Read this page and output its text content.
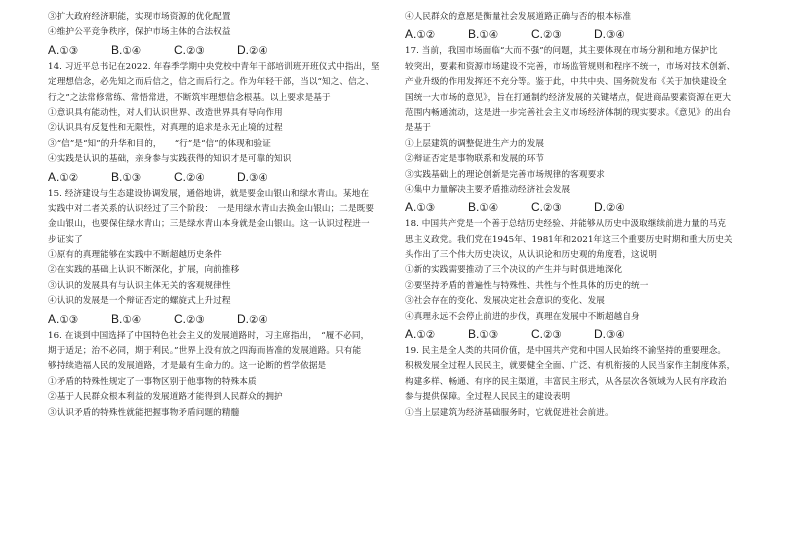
③扩大政府经济职能，实现市场资源的优化配置
④维护公平竞争秩序，保护市场主体的合法权益
A.①③	B.①④	C.②③	D.②④
14. 习近平总书记在2022. 年春季学期中央党校中青年干部培训班开班仪式中指出，坚
定理想信念，必先知之而后信之，信之而后行之。作为年轻干部，当以“知之、信之、
行之”之法常修常练、常悟常进，不断筑牢理想信念根基。以上要求是基于
①意识具有能动性，对人们认识世界、改造世界具有导向作用
②认识具有反复性和无限性，对真理的追求是永无止境的过程
③“信”是“知”的升华和目的，　　“行”是“信”的体现和验证
④实践是认识的基础，亲身参与实践获得的知识才是可靠的知识
A.①②	B.①③	C.②④	D.③④
15. 经济建设与生态建设协调发展，通俗地讲，就是要金山银山和绿水青山。某地在
实践中对二者关系的认识经过了三个阶段：　一是用绿水青山去换金山银山；二是既要
金山银山，也要保住绿水青山；三是绿水青山本身就是金山银山。这一认识过程进一
步证实了
①原有的真理能够在实践中不断超越历史条件
②在实践的基础上认识不断深化，扩展，向前推移
③认识的发展具有与认识主体无关的客观规律性
④认识的发展是一个辩证否定的螺旋式上升过程
A.①③	B.①④	C.②③	D.②④
16. 在谈到中国选择了中国特色社会主义的发展道路时，习主席指出，　“履不必同，
期于适足；治不必同，期于利民。”世界上没有放之四海而皆准的发展道路。只有能
够持续造福人民的发展道路，才是最有生命力的。这一论断的哲学依据是
①矛盾的特殊性规定了一事物区别于他事物的特殊本质
②基于人民群众根本利益的发展道路才能得到人民群众的拥护
③认识矛盾的特殊性就能把握事物矛盾问题的精髓
④人民群众的意愿是衡量社会发展道路正确与否的根本标准
A.①②	B.①④	C.②③	D.③④
17. 当前，我国市场面临“大而不强”的问题，其主要体现在市场分割和地方保护比
较突出，要素和资源市场建设不完善，市场监管规则和程序不统一，市场对技术创新、
产业升级的作用发挥还不充分等。鉴于此，中共中央、国务院发布《关于加快建设全
国统一大市场的意见》，旨在打通制约经济发展的关键堵点，促进商品要素资源在更大
范围内畅通流动，这是进一步完善社会主义市场经济体制的现实要求。《意见》的出台
是基于
①上层建筑的调整促进生产力的发展
②辩证否定是事物联系和发展的环节
③实践基础上的理论创新是完善市场规律的客观要求
④集中力量解决主要矛盾推动经济社会发展
A.①③	B.①④	C.②③	D.②④
18. 中国共产党是一个善于总结历史经验、并能够从历史中汲取继续前进力量的马克
思主义政党。我们党在1945年、1981年和2021年这三个重要历史时期和重大历史关
头作出了三个伟大历史决议，从认识论和历史观的角度看，这说明
①新的实践需要推动了三个决议的产生并与时俱进地深化
②要坚持矛盾的普遍性与特殊性、共性与个性具体的历史的统一
③社会存在的变化、发展决定社会意识的变化、发展
④真理永远不会停止前进的步伐，真理在发展中不断超越自身
A.①②	B.①③	C.②③	D.③④
19. 民主是全人类的共同价值，是中国共产党和中国人民始终不渝坚持的重要理念。
积极发展全过程人民民主，就要健全全面、广泛、有机衔接的人民当家作主制度体系，
构建多样、畅通、有序的民主渠道，丰富民主形式，从各层次各领域为人民有序政治
参与提供保障。全过程人民民主的建设表明
①当上层建筑为经济基础服务时，它就促进社会前进。
